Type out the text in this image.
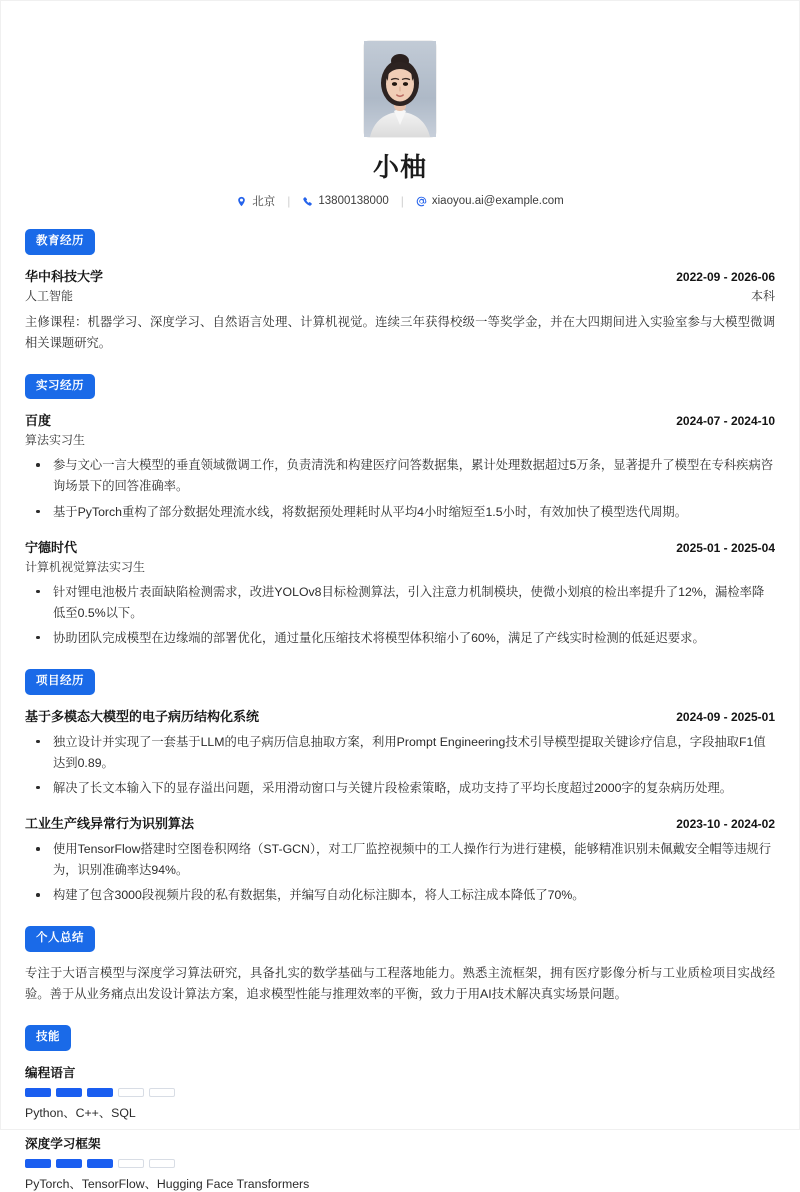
小柚
北京 | 13800138000 | xiaoyou.ai@example.com
教育经历
华中科技大学	2022-09 - 2026-06
人工智能	本科

主修课程：机器学习、深度学习、自然语言处理、计算机视觉。连续三年获得校级一等奖学金，并在大四期间进入实验室参与大模型微调相关课题研究。

实习经历
百度	2024-07 - 2024-10
算法实习生
参与文心一言大模型的垂直领域微调工作，负责清洗和构建医疗问答数据集，累计处理数据超过5万条，显著提升了模型在专科疾病咨询场景下的回答准确率。
基于PyTorch重构了部分数据处理流水线，将数据预处理耗时从平均4小时缩短至1.5小时，有效加快了模型迭代周期。
宁德时代	2025-01 - 2025-04
计算机视觉算法实习生
针对锂电池极片表面缺陷检测需求，改进YOLOv8目标检测算法，引入注意力机制模块，使微小划痕的检出率提升了12%，漏检率降低至0.5%以下。
协助团队完成模型在边缘端的部署优化，通过量化压缩技术将模型体积缩小了60%，满足了产线实时检测的低延迟要求。
项目经历
基于多模态大模型的电子病历结构化系统	2024-09 - 2025-01
独立设计并实现了一套基于LLM的电子病历信息抽取方案，利用Prompt Engineering技术引导模型提取关键诊疗信息，字段抽取F1值达到0.89。
解决了长文本输入下的显存溢出问题，采用滑动窗口与关键片段检索策略，成功支持了平均长度超过2000字的复杂病历处理。
工业生产线异常行为识别算法	2023-10 - 2024-02
使用TensorFlow搭建时空图卷积网络（ST-GCN），对工厂监控视频中的工人操作行为进行建模，能够精准识别未佩戴安全帽等违规行为，识别准确率达94%。
构建了包含3000段视频片段的私有数据集，并编写自动化标注脚本，将人工标注成本降低了70%。
个人总结

专注于大语言模型与深度学习算法研究，具备扎实的数学基础与工程落地能力。熟悉主流框架，拥有医疗影像分析与工业质检项目实战经验。善于从业务痛点出发设计算法方案，追求模型性能与推理效率的平衡，致力于用AI技术解决真实场景问题。

技能
编程语言
Python、C++、SQL
深度学习框架
PyTorch、TensorFlow、Hugging Face Transformers
